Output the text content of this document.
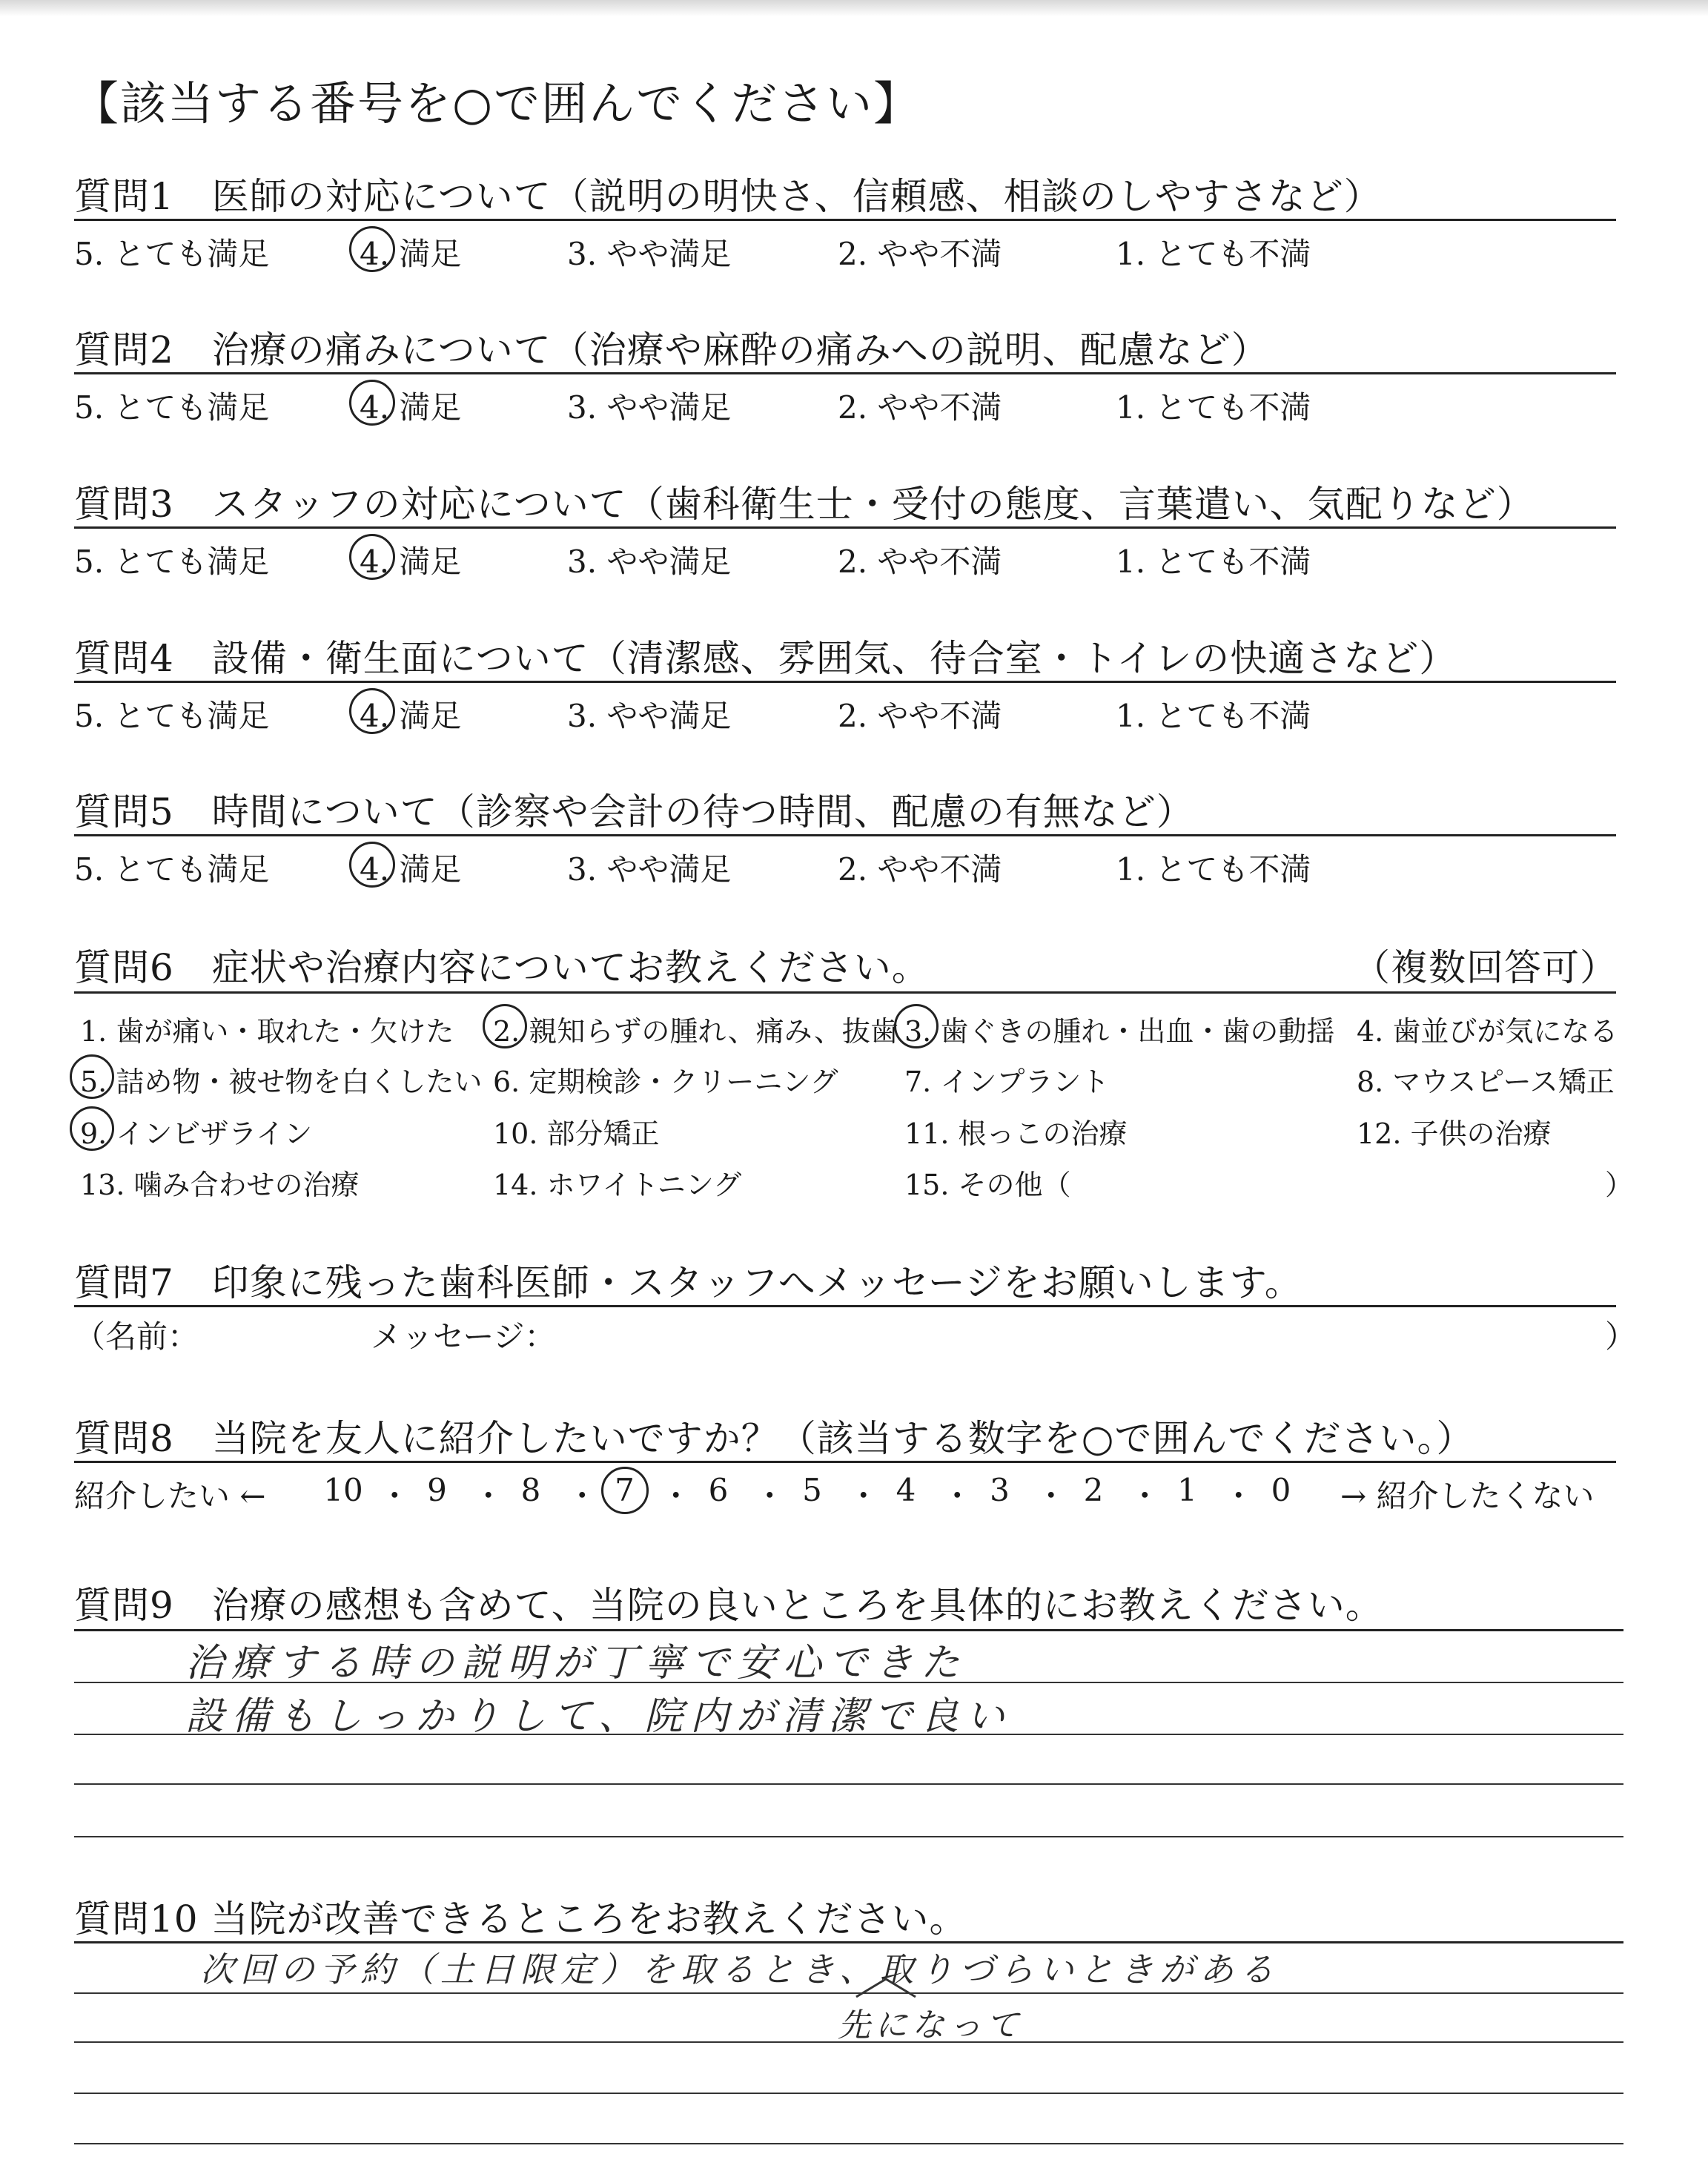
【該当する番号を○で囲んでください】
質問1　医師の対応について（説明の明快さ、信頼感、相談のしやすさなど）
5. とても満足	4. 満足	3. やや満足	2. やや不満	1. とても不満
質問2　治療の痛みについて（治療や麻酔の痛みへの説明、配慮など）
5. とても満足	4. 満足	3. やや満足	2. やや不満	1. とても不満
質問3　スタッフの対応について（歯科衛生士・受付の態度、言葉遣い、気配りなど）
5. とても満足	4. 満足	3. やや満足	2. やや不満	1. とても不満
質問4　設備・衛生面について（清潔感、雰囲気、待合室・トイレの快適さなど）
5. とても満足	4. 満足	3. やや満足	2. やや不満	1. とても不満
質問5　時間について（診察や会計の待つ時間、配慮の有無など）
5. とても満足	4. 満足	3. やや満足	2. やや不満	1. とても不満
質問6　症状や治療内容についてお教えください。	（複数回答可）
1. 歯が痛い・取れた・欠けた 2. 親知らずの腫れ、痛み、抜歯 3. 歯ぐきの腫れ・出血・歯の動揺 4. 歯並びが気になる
5. 詰め物・被せ物を白くしたい 6. 定期検診・クリーニング 7. インプラント	8. マウスピース矯正
9. インビザライン	10. 部分矯正	11. 根っこの治療	12. 子供の治療
13. 噛み合わせの治療	14. ホワイトニング	15. その他（	）
質問7　印象に残った歯科医師・スタッフへメッセージをお願いします。
（名前：	メッセージ：	）
質問8　当院を友人に紹介したいですか？（該当する数字を○で囲んでください。）
紹介したい ←	→ 紹介したくない
10 ・ 9 ・ 8 ・ 7 ・ 6 ・ 5 ・ 4 ・ 3 ・ 2 ・ 1 ・ 0
質問9　治療の感想も含めて、当院の良いところを具体的にお教えください。
治療する時の説明が丁寧で安心できた
設備もしっかりして、院内が清潔で良い
質問10 当院が改善できるところをお教えください。
次回の予約（土日限定）を取るとき、取りづらいときがある
先になって
